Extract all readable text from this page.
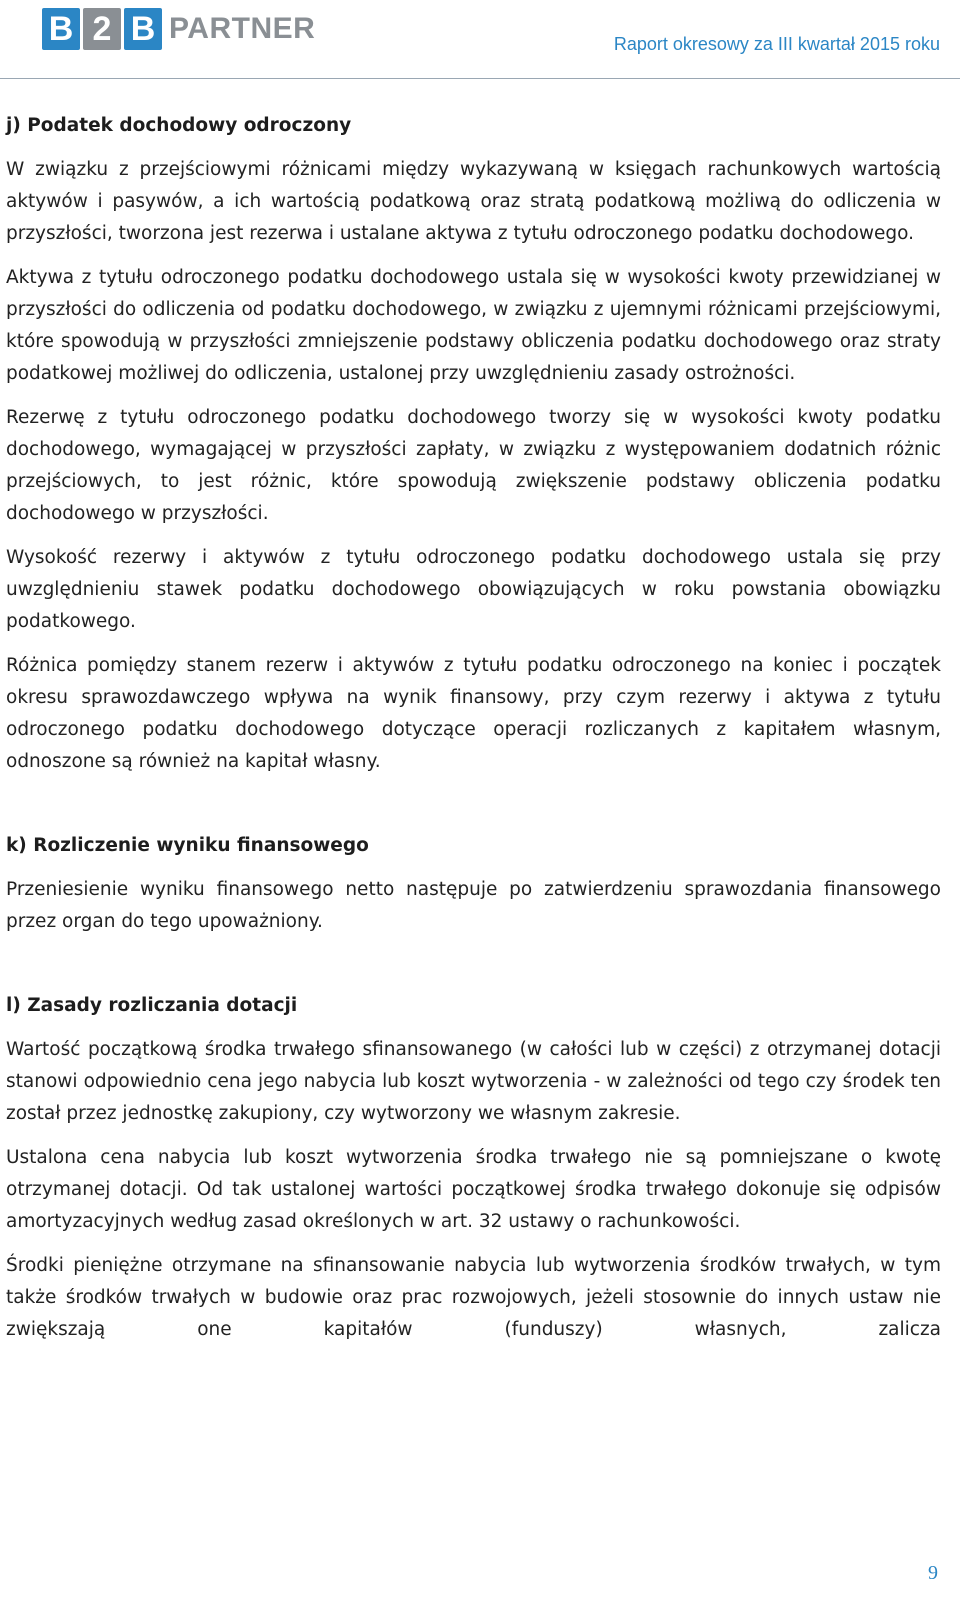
B 2 B PARTNER	Raport okresowy za III kwartał 2015 roku
j) Podatek dochodowy odroczony

W związku z przejściowymi różnicami między wykazywaną w księgach rachunkowych wartością aktywów i pasywów, a ich wartością podatkową oraz stratą podatkową możliwą do odliczenia w przyszłości, tworzona jest rezerwa i ustalane aktywa z tytułu odroczonego podatku dochodowego.

Aktywa z tytułu odroczonego podatku dochodowego ustala się w wysokości kwoty przewidzianej w przyszłości do odliczenia od podatku dochodowego, w związku z ujemnymi różnicami przejściowymi, które spowodują w przyszłości zmniejszenie podstawy obliczenia podatku dochodowego oraz straty podatkowej możliwej do odliczenia, ustalonej przy uwzględnieniu zasady ostrożności.

Rezerwę z tytułu odroczonego podatku dochodowego tworzy się w wysokości kwoty podatku dochodowego, wymagającej w przyszłości zapłaty, w związku z występowaniem dodatnich różnic przejściowych, to jest różnic, które spowodują zwiększenie podstawy obliczenia podatku dochodowego w przyszłości.

Wysokość rezerwy i aktywów z tytułu odroczonego podatku dochodowego ustala się przy uwzględnieniu stawek podatku dochodowego obowiązujących w roku powstania obowiązku podatkowego.

Różnica pomiędzy stanem rezerw i aktywów z tytułu podatku odroczonego na koniec i początek okresu sprawozdawczego wpływa na wynik finansowy, przy czym rezerwy i aktywa z tytułu odroczonego podatku dochodowego dotyczące operacji rozliczanych z kapitałem własnym, odnoszone są również na kapitał własny.

k) Rozliczenie wyniku finansowego

Przeniesienie wyniku finansowego netto następuje po zatwierdzeniu sprawozdania finansowego przez organ do tego upoważniony.

l) Zasady rozliczania dotacji

Wartość początkową środka trwałego sfinansowanego (w całości lub w części) z otrzymanej dotacji stanowi odpowiednio cena jego nabycia lub koszt wytworzenia - w zależności od tego czy środek ten został przez jednostkę zakupiony, czy wytworzony we własnym zakresie.

Ustalona cena nabycia lub koszt wytworzenia środka trwałego nie są pomniejszane o kwotę otrzymanej dotacji. Od tak ustalonej wartości początkowej środka trwałego dokonuje się odpisów amortyzacyjnych według zasad określonych w art. 32 ustawy o rachunkowości.

Środki pieniężne otrzymane na sfinansowanie nabycia lub wytworzenia środków trwałych, w tym także środków trwałych w budowie oraz prac rozwojowych, jeżeli stosownie do innych ustaw nie zwiększają one kapitałów (funduszy) własnych, zalicza

9
